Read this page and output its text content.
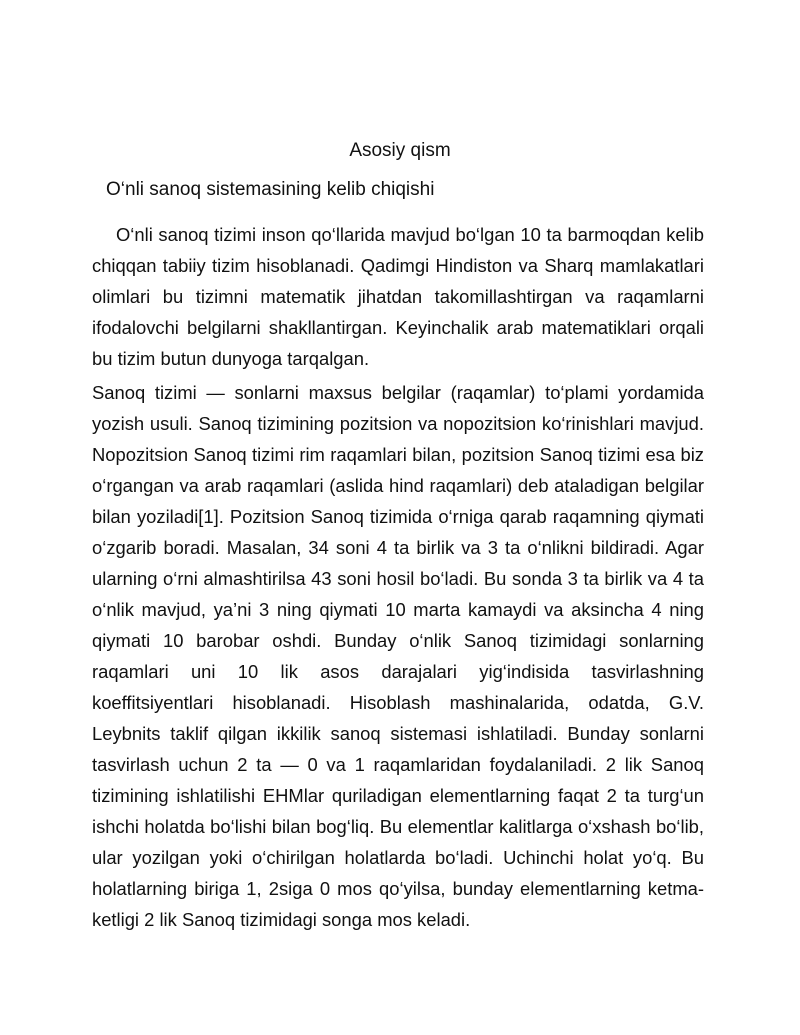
Asosiy qism
O‘nli sanoq sistemasining kelib chiqishi

O‘nli sanoq tizimi inson qo‘llarida mavjud bo‘lgan 10 ta barmoqdan kelib chiqqan tabiiy tizim hisoblanadi. Qadimgi Hindiston va Sharq mamlakatlari olimlari bu tizimni matematik jihatdan takomillashtirgan va raqamlarni ifodalovchi belgilarni shakllantirgan. Keyinchalik arab matematiklari orqali bu tizim butun dunyoga tarqalgan.

Sanoq tizimi — sonlarni maxsus belgilar (raqamlar) to‘plami yordamida yozish usuli. Sanoq tizimining pozitsion va nopozitsion ko‘rinishlari mavjud. Nopozitsion Sanoq tizimi rim raqamlari bilan, pozitsion Sanoq tizimi esa biz o‘rgangan va arab raqamlari (aslida hind raqamlari) deb ataladigan belgilar bilan yoziladi[1]. Pozitsion Sanoq tizimida o‘rniga qarab raqamning qiymati o‘zgarib boradi. Masalan, 34 soni 4 ta birlik va 3 ta o‘nlikni bildiradi. Agar ularning o‘rni almashtirilsa 43 soni hosil bo‘ladi. Bu sonda 3 ta birlik va 4 ta o‘nlik mavjud, ya’ni 3 ning qiymati 10 marta kamaydi va aksincha 4 ning qiymati 10 barobar oshdi. Bunday o‘nlik Sanoq tizimidagi sonlarning raqamlari uni 10 lik asos darajalari yig‘indisida tasvirlashning koeffitsiyentlari hisoblanadi. Hisoblash mashinalarida, odatda, G.V. Leybnits taklif qilgan ikkilik sanoq sistemasi ishlatiladi. Bunday sonlarni tasvirlash uchun 2 ta — 0 va 1 raqamlaridan foydalaniladi. 2 lik Sanoq tizimining ishlatilishi EHMlar quriladigan elementlarning faqat 2 ta turg‘un ishchi holatda bo‘lishi bilan bog‘liq. Bu elementlar kalitlarga o‘xshash bo‘lib, ular yozilgan yoki o‘chirilgan holatlarda bo‘ladi. Uchinchi holat yo‘q. Bu holatlarning biriga 1, 2siga 0 mos qo‘yilsa, bunday elementlarning ketma-ketligi 2 lik Sanoq tizimidagi songa mos keladi.
